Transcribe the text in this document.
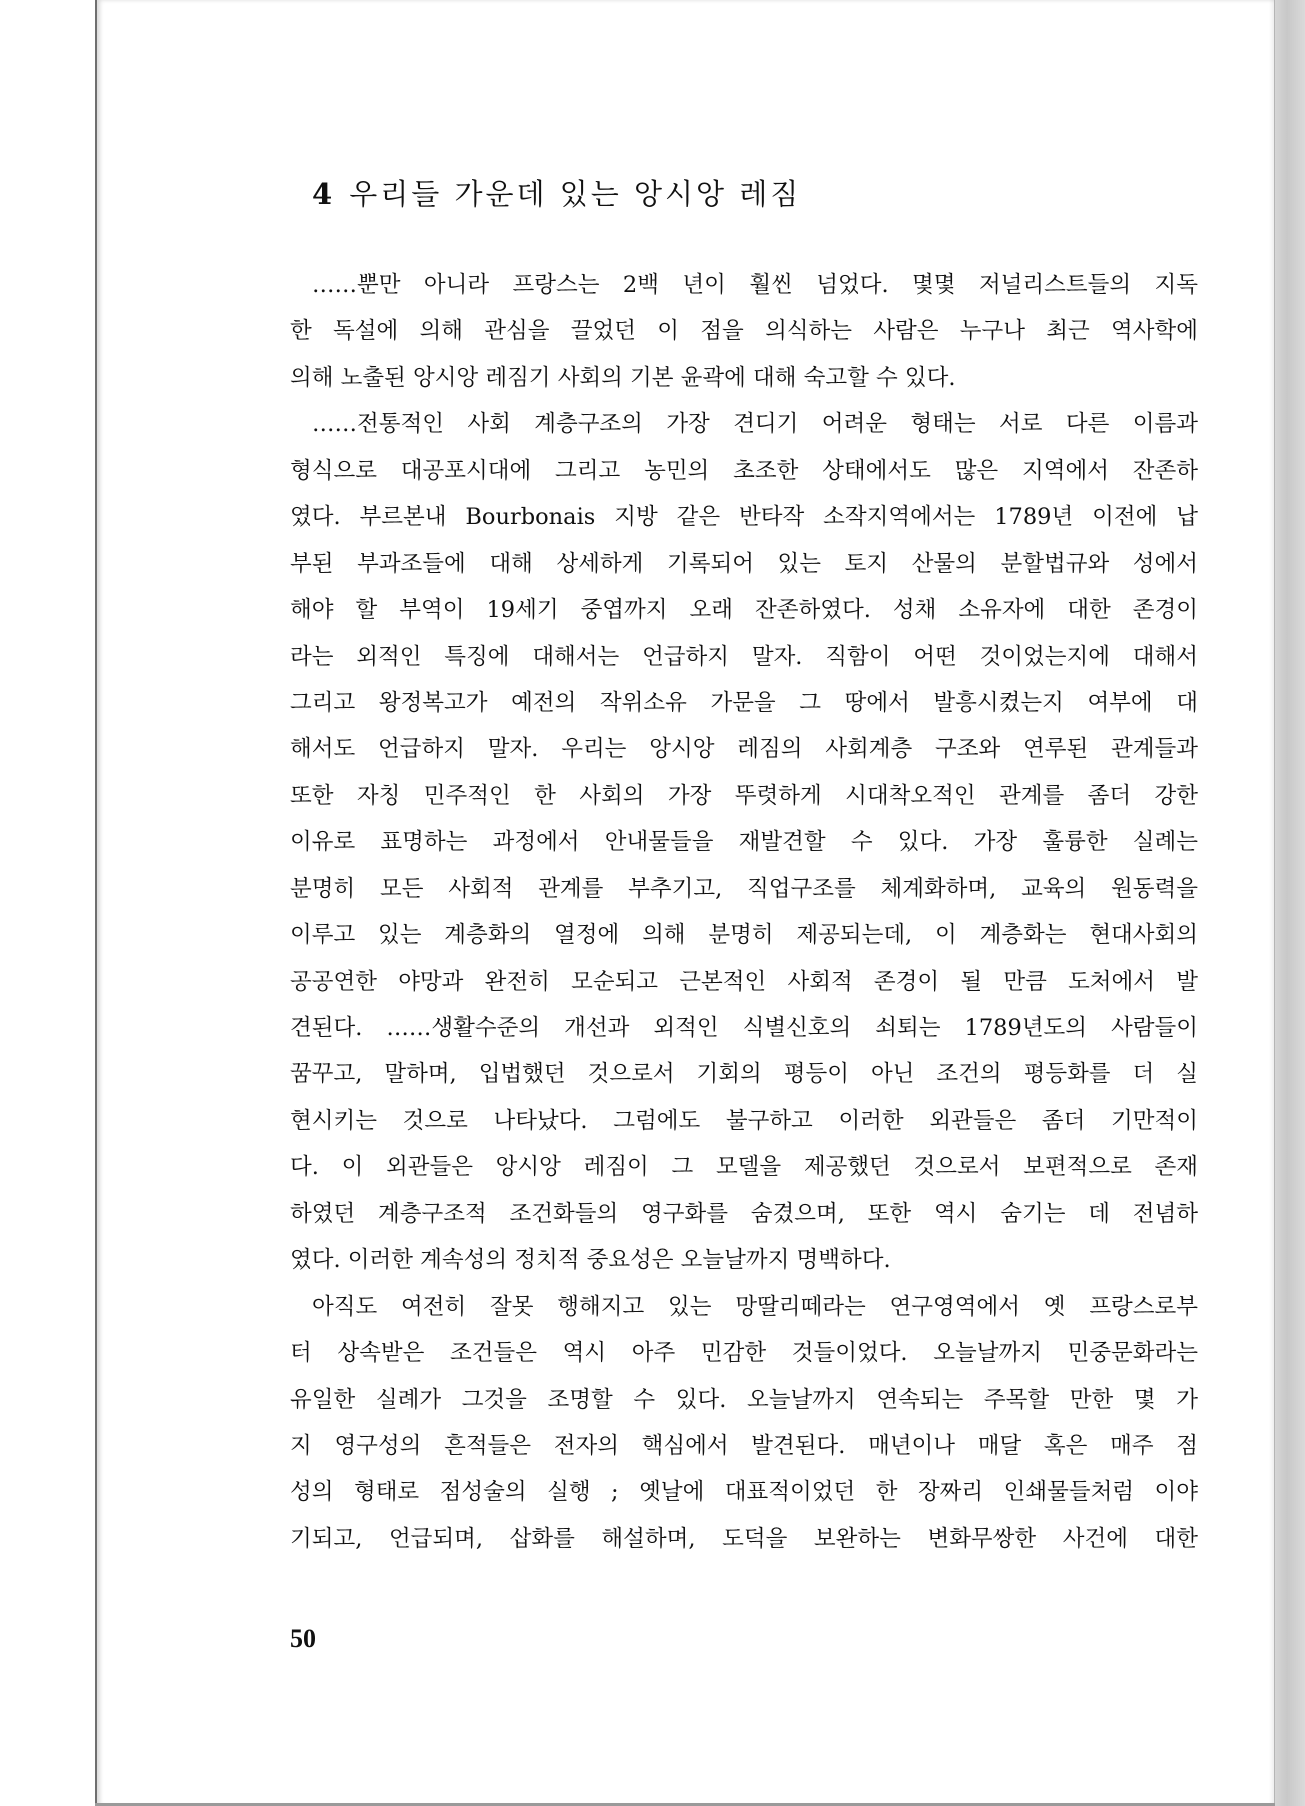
4 우리들 가운데 있는 앙시앙 레짐
……뿐만 아니라 프랑스는 2백 년이 훨씬 넘었다. 몇몇 저널리스트들의 지독
한 독설에 의해 관심을 끌었던 이 점을 의식하는 사람은 누구나 최근 역사학에
의해 노출된 앙시앙 레짐기 사회의 기본 윤곽에 대해 숙고할 수 있다.
……전통적인 사회 계층구조의 가장 견디기 어려운 형태는 서로 다른 이름과
형식으로 대공포시대에 그리고 농민의 초조한 상태에서도 많은 지역에서 잔존하
였다. 부르본내 Bourbonais 지방 같은 반타작 소작지역에서는 1789년 이전에 납
부된 부과조들에 대해 상세하게 기록되어 있는 토지 산물의 분할법규와 성에서
해야 할 부역이 19세기 중엽까지 오래 잔존하였다. 성채 소유자에 대한 존경이
라는 외적인 특징에 대해서는 언급하지 말자. 직함이 어떤 것이었는지에 대해서
그리고 왕정복고가 예전의 작위소유 가문을 그 땅에서 발흥시켰는지 여부에 대
해서도 언급하지 말자. 우리는 앙시앙 레짐의 사회계층 구조와 연루된 관계들과
또한 자칭 민주적인 한 사회의 가장 뚜렷하게 시대착오적인 관계를 좀더 강한
이유로 표명하는 과정에서 안내물들을 재발견할 수 있다. 가장 훌륭한 실례는
분명히 모든 사회적 관계를 부추기고, 직업구조를 체계화하며, 교육의 원동력을
이루고 있는 계층화의 열정에 의해 분명히 제공되는데, 이 계층화는 현대사회의
공공연한 야망과 완전히 모순되고 근본적인 사회적 존경이 될 만큼 도처에서 발
견된다. ……생활수준의 개선과 외적인 식별신호의 쇠퇴는 1789년도의 사람들이
꿈꾸고, 말하며, 입법했던 것으로서 기회의 평등이 아닌 조건의 평등화를 더 실
현시키는 것으로 나타났다. 그럼에도 불구하고 이러한 외관들은 좀더 기만적이
다. 이 외관들은 앙시앙 레짐이 그 모델을 제공했던 것으로서 보편적으로 존재
하였던 계층구조적 조건화들의 영구화를 숨겼으며, 또한 역시 숨기는 데 전념하
였다. 이러한 계속성의 정치적 중요성은 오늘날까지 명백하다.
아직도 여전히 잘못 행해지고 있는 망딸리떼라는 연구영역에서 옛 프랑스로부
터 상속받은 조건들은 역시 아주 민감한 것들이었다. 오늘날까지 민중문화라는
유일한 실례가 그것을 조명할 수 있다. 오늘날까지 연속되는 주목할 만한 몇 가
지 영구성의 흔적들은 전자의 핵심에서 발견된다. 매년이나 매달 혹은 매주 점
성의 형태로 점성술의 실행 ; 옛날에 대표적이었던 한 장짜리 인쇄물들처럼 이야
기되고, 언급되며, 삽화를 해설하며, 도덕을 보완하는 변화무쌍한 사건에 대한
50
